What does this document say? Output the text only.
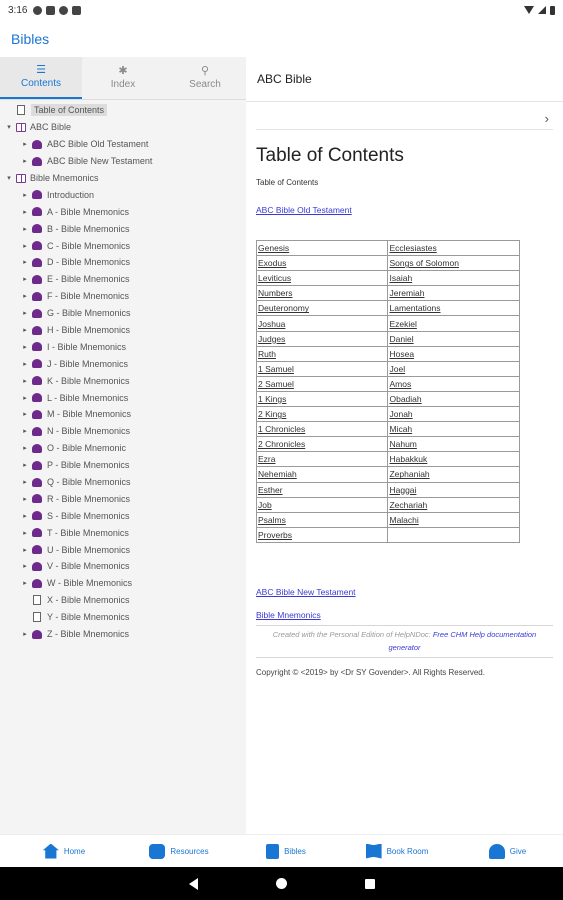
3:16
Bibles
☰
Contents
✱
Index
⚲
Search
Table of Contents
▾	ABC Bible
▸	ABC Bible Old Testament
▸	ABC Bible New Testament
▾	Bible Mnemonics
▸	Introduction
▸	A - Bible Mnemonics
▸	B - Bible Mnemonics
▸	C - Bible Mnemonics
▸	D - Bible Mnemonics
▸	E - Bible Mnemonics
▸	F - Bible Mnemonics
▸	G - Bible Mnemonics
▸	H - Bible Mnemonics
▸	I - Bible Mnemonics
▸	J - Bible Mnemonics
▸	K - Bible Mnemonics
▸	L - Bible Mnemonics
▸	M - Bible Mnemonics
▸	N - Bible Mnemonics
▸	O - Bible Mnemonic
▸	P - Bible Mnemonics
▸	Q - Bible Mnemonics
▸	R - Bible Mnemonics
▸	S - Bible Mnemonics
▸	T - Bible Mnemonics
▸	U - Bible Mnemonics
▸	V - Bible Mnemonics
▸	W - Bible Mnemonics
X - Bible Mnemonics
Y - Bible Mnemonics
▸	Z - Bible Mnemonics
ABC Bible
›
Table of Contents
Table of Contents
ABC Bible Old Testament
Genesis	Ecclesiastes
Exodus	Songs of Solomon
Leviticus	Isaiah
Numbers	Jeremiah
Deuteronomy	Lamentations
Joshua	Ezekiel
Judges	Daniel
Ruth	Hosea
1 Samuel	Joel
2 Samuel	Amos
1 Kings	Obadiah
2 Kings	Jonah
1 Chronicles	Micah
2 Chronicles	Nahum
Ezra	Habakkuk
Nehemiah	Zephaniah
Esther	Haggai
Job	Zechariah
Psalms	Malachi
Proverbs	
ABC Bible New Testament
Bible Mnemonics
Created with the Personal Edition of HelpNDoc: Free CHM Help documentation generator
Copyright © <2019> by <Dr SY Govender>. All Rights Reserved.
Home	Resources	Bibles	Book Room	Give
